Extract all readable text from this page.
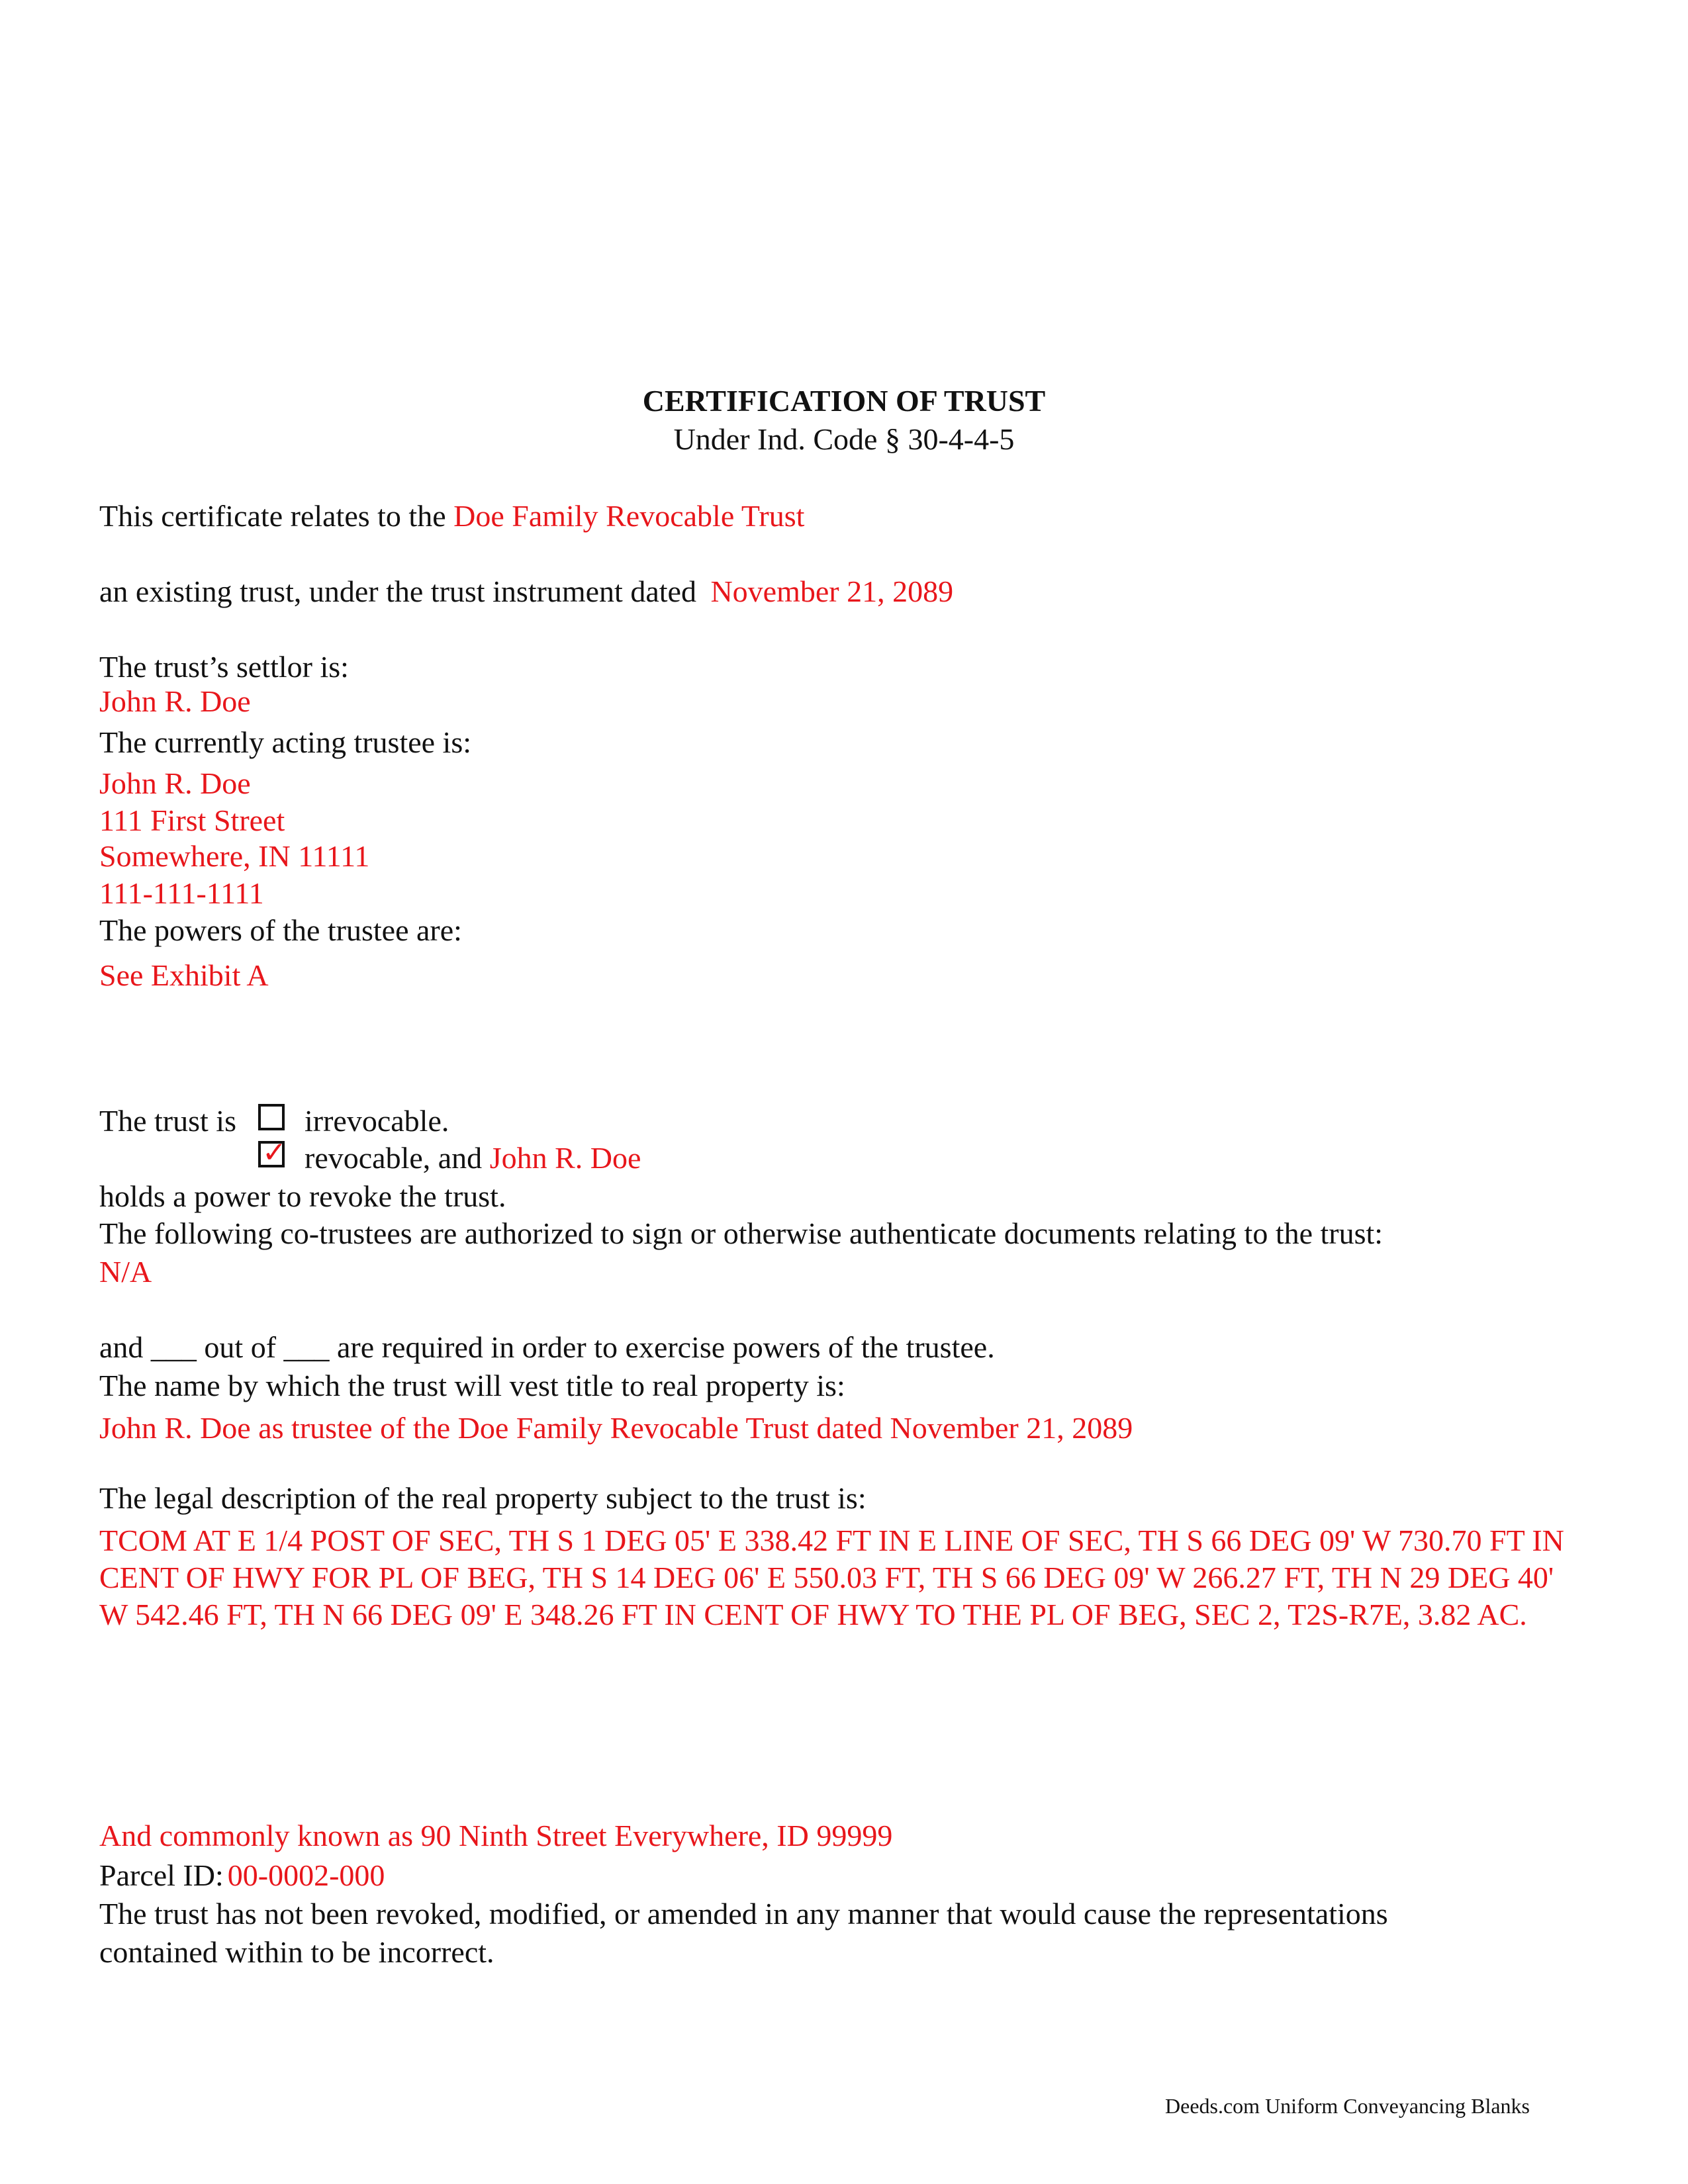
CERTIFICATION OF TRUST
Under Ind. Code § 30-4-4-5
This certificate relates to the Doe Family Revocable Trust
an existing trust, under the trust instrument dated November 21, 2089
The trust’s settlor is:
John R. Doe
The currently acting trustee is:
John R. Doe
111 First Street
Somewhere, IN 11111
111-111-1111
The powers of the trustee are:
See Exhibit A
The trust is irrevocable.
✓ revocable, and John R. Doe
holds a power to revoke the trust.
The following co-trustees are authorized to sign or otherwise authenticate documents relating to the trust:
N/A
and ___ out of ___ are required in order to exercise powers of the trustee.
The name by which the trust will vest title to real property is:
John R. Doe as trustee of the Doe Family Revocable Trust dated November 21, 2089
The legal description of the real property subject to the trust is:
TCOM AT E 1/4 POST OF SEC, TH S 1 DEG 05' E 338.42 FT IN E LINE OF SEC, TH S 66 DEG 09' W 730.70 FT IN CENT OF HWY FOR PL OF BEG, TH S 14 DEG 06' E 550.03 FT, TH S 66 DEG 09' W 266.27 FT, TH N 29 DEG 40' W 542.46 FT, TH N 66 DEG 09' E 348.26 FT IN CENT OF HWY TO THE PL OF BEG, SEC 2, T2S-R7E, 3.82 AC.
And commonly known as 90 Ninth Street Everywhere, ID 99999
Parcel ID: 00-0002-000
The trust has not been revoked, modified, or amended in any manner that would cause the representations
contained within to be incorrect.
Deeds.com Uniform Conveyancing Blanks
